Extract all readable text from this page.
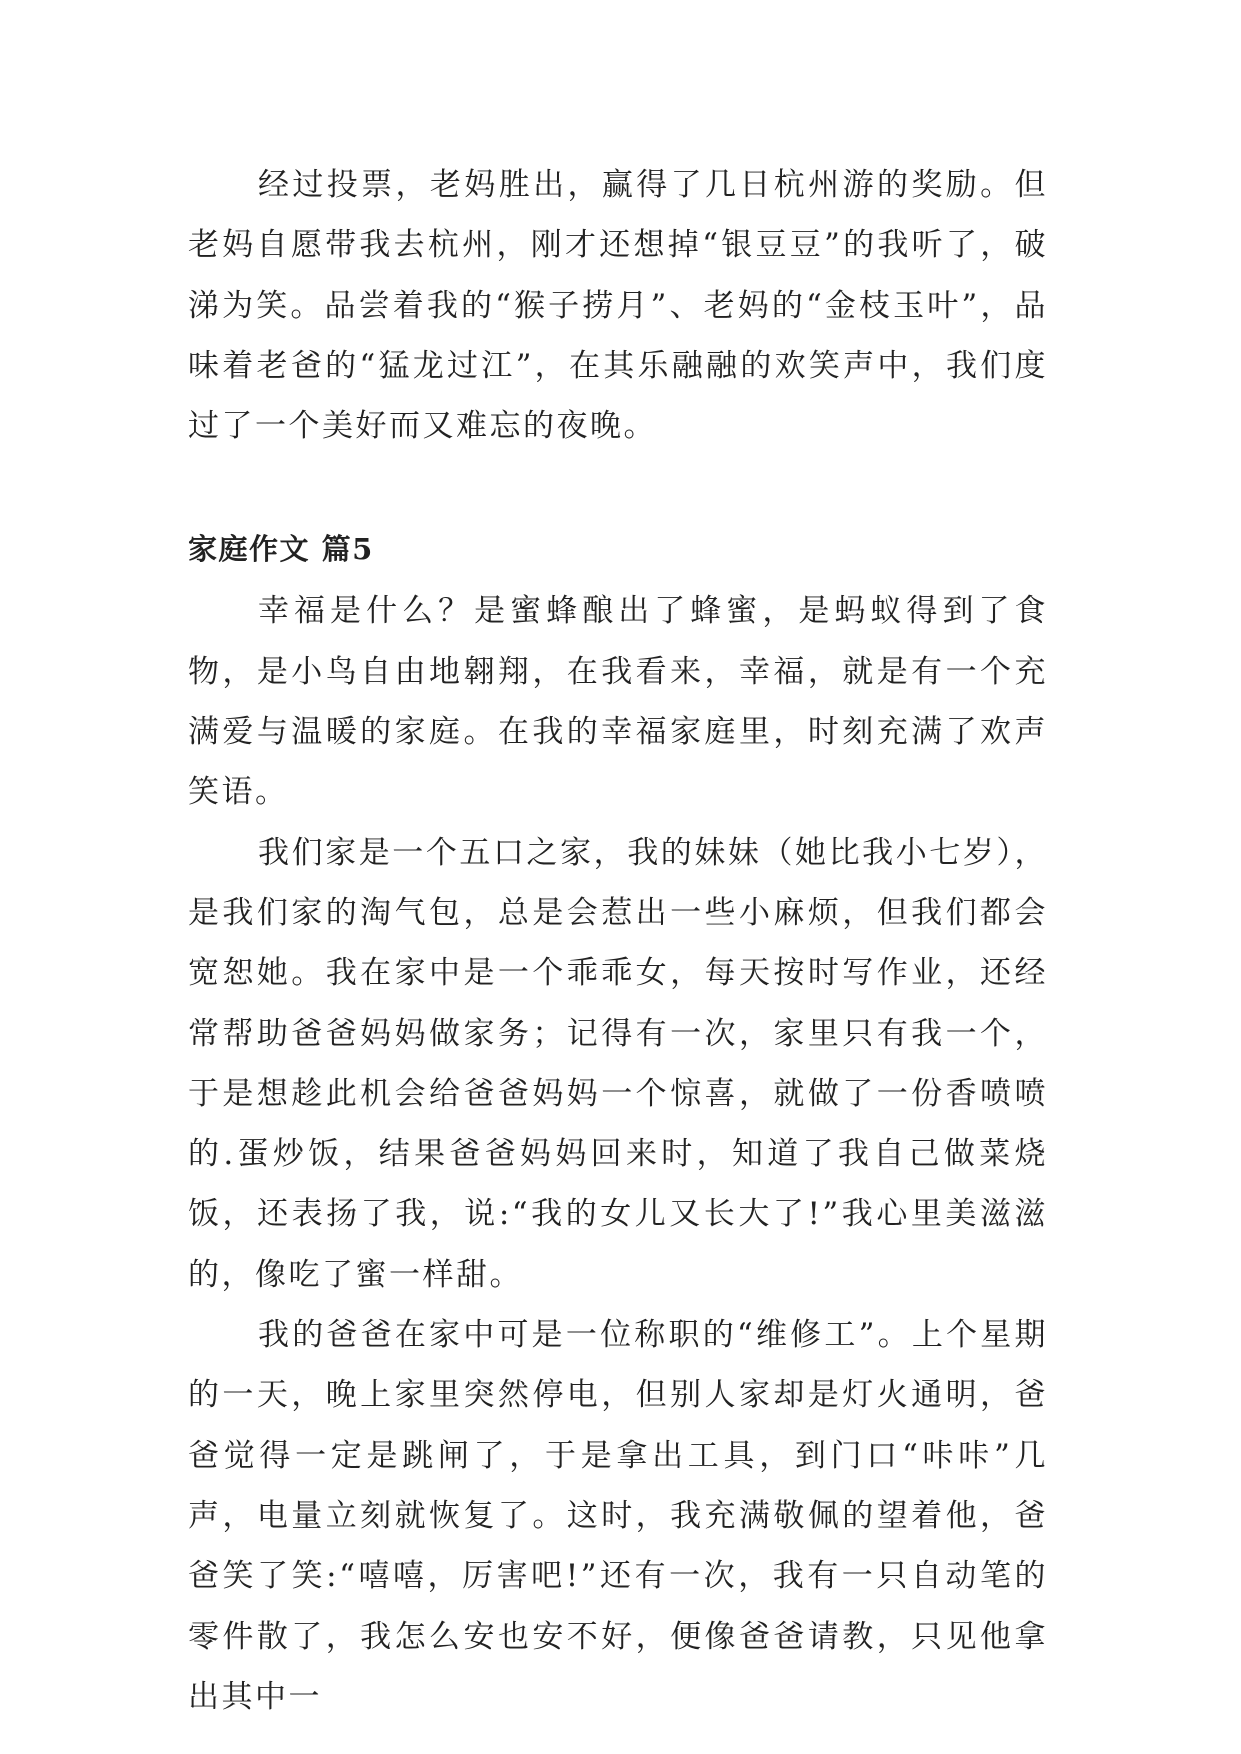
经过投票，老妈胜出，赢得了几日杭州游的奖励。但老妈自愿带我去杭州，刚才还想掉“银豆豆”的我听了，破涕为笑。品尝着我的“猴子捞月”、老妈的“金枝玉叶”，品味着老爸的“猛龙过江”，在其乐融融的欢笑声中，我们度过了一个美好而又难忘的夜晚。

家庭作文 篇5

幸福是什么？是蜜蜂酿出了蜂蜜，是蚂蚁得到了食物，是小鸟自由地翱翔，在我看来，幸福，就是有一个充满爱与温暖的家庭。在我的幸福家庭里，时刻充满了欢声笑语。

我们家是一个五口之家，我的妹妹（她比我小七岁），是我们家的淘气包，总是会惹出一些小麻烦，但我们都会宽恕她。我在家中是一个乖乖女，每天按时写作业，还经常帮助爸爸妈妈做家务；记得有一次，家里只有我一个，于是想趁此机会给爸爸妈妈一个惊喜，就做了一份香喷喷的.蛋炒饭，结果爸爸妈妈回来时，知道了我自己做菜烧饭，还表扬了我，说:“我的女儿又长大了!”我心里美滋滋的，像吃了蜜一样甜。

我的爸爸在家中可是一位称职的“维修工”。上个星期的一天，晚上家里突然停电，但别人家却是灯火通明，爸爸觉得一定是跳闸了，于是拿出工具，到门口“咔咔”几声，电量立刻就恢复了。这时，我充满敬佩的望着他，爸爸笑了笑:“嘻嘻，厉害吧!”还有一次，我有一只自动笔的零件散了，我怎么安也安不好，便像爸爸请教，只见他拿出其中一
